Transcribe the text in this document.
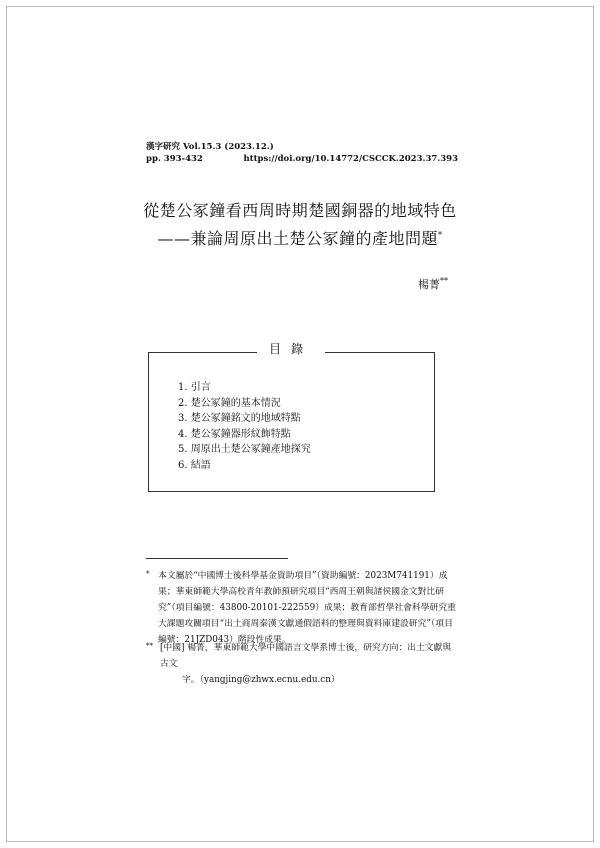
漢字研究 Vol.15.3 (2023.12.)
pp. 393-432	https://doi.org/10.14772/CSCCK.2023.37.393
從楚公冢鐘看西周時期楚國銅器的地域特色
——兼論周原出土楚公冢鐘的產地問題*
楊菁**
目錄
1. 引言
2. 楚公冢鐘的基本情況
3. 楚公冢鐘銘文的地域特點
4. 楚公冢鐘器形紋飾特點
5. 周原出土楚公冢鐘產地探究
6. 結語
* 本文屬於“中國博士後科學基金資助項目”（資助編號：2023M741191）成果；華東師範大學高校青年教師預研究項目“西周王朝與諸侯國金文對比研究”（項目編號：43800-20101-222559）成果；教育部哲學社會科學研究重大課題攻關項目“出土商周秦漢文獻通假語料的整理與資料庫建設研究”（項目編號：21JZD043）階段性成果。
** [中國] 楊菁，華東師範大學中國語言文學系博士後，研究方向：出土文獻與古文
字。（yangjing@zhwx.ecnu.edu.cn）
